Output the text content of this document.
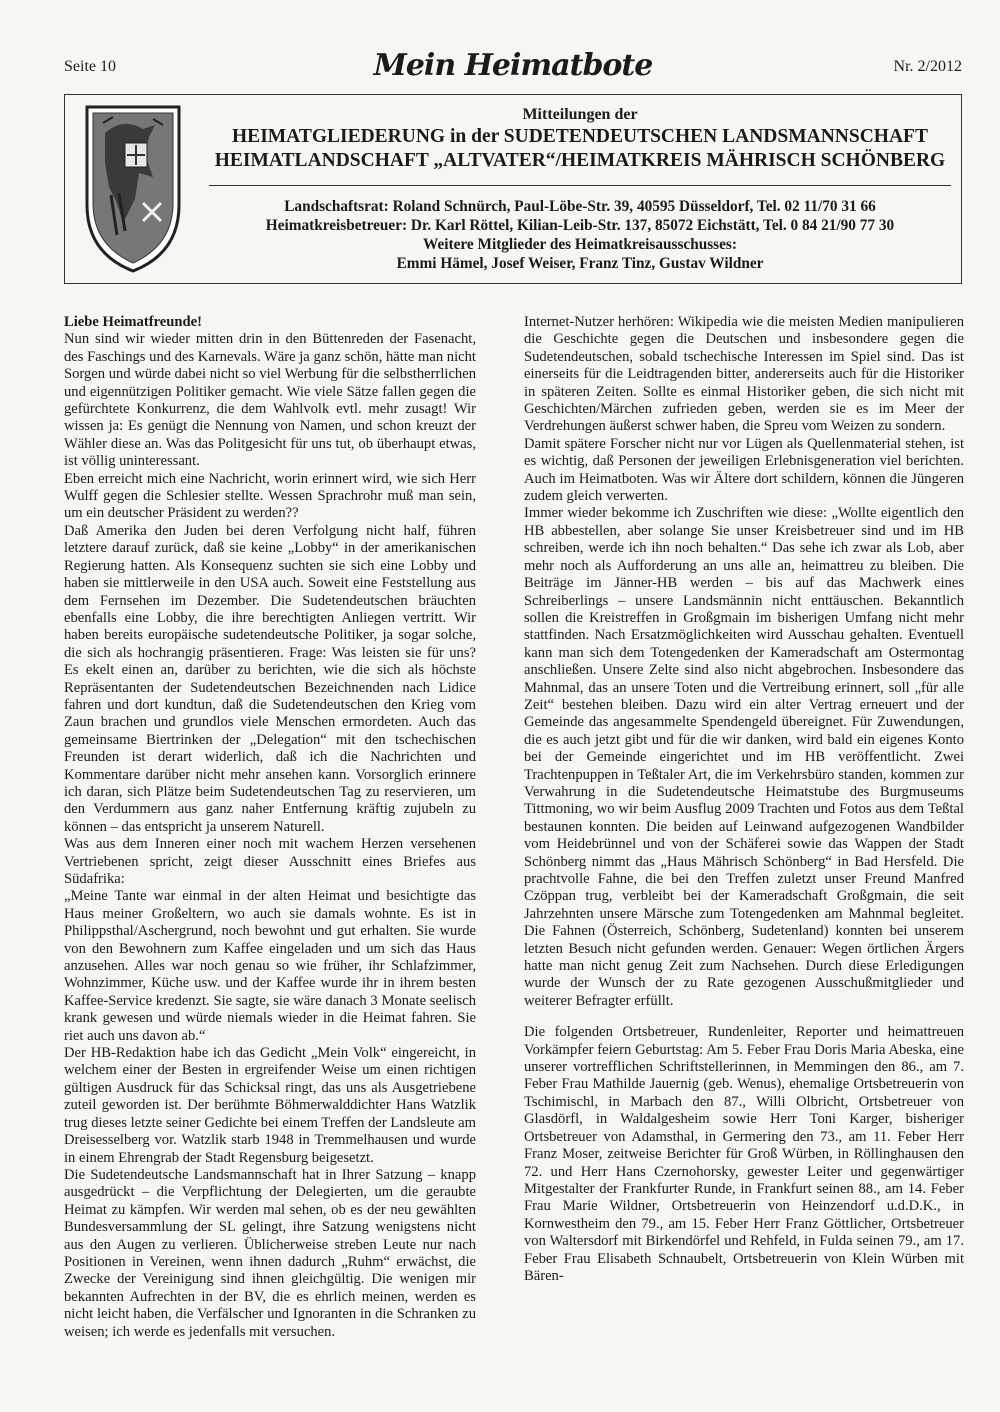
Seite 10	Mein Heimatbote	Nr. 2/2012
Mitteilungen der
HEIMATGLIEDERUNG in der SUDETENDEUTSCHEN LANDSMANNSCHAFT
HEIMATLANDSCHAFT „ALTVATER“/HEIMATKREIS MÄHRISCH SCHÖNBERG
Landschaftsrat: Roland Schnürch, Paul-Löbe-Str. 39, 40595 Düsseldorf, Tel. 02 11/70 31 66
Heimatkreisbetreuer: Dr. Karl Röttel, Kilian-Leib-Str. 137, 85072 Eichstätt, Tel. 0 84 21/90 77 30
Weitere Mitglieder des Heimatkreisausschusses:
Emmi Hämel, Josef Weiser, Franz Tinz, Gustav Wildner

Liebe Heimatfreunde!

Nun sind wir wieder mitten drin in den Büttenreden der Fasenacht, des Faschings und des Karnevals. Wäre ja ganz schön, hätte man nicht Sorgen und würde dabei nicht so viel Werbung für die selbstherrlichen und eigennützigen Politiker gemacht. Wie viele Sätze fallen gegen die gefürchtete Konkurrenz, die dem Wahlvolk evtl. mehr zusagt! Wir wissen ja: Es genügt die Nennung von Namen, und schon kreuzt der Wähler diese an. Was das Politgesicht für uns tut, ob überhaupt etwas, ist völlig uninteressant.

Eben erreicht mich eine Nachricht, worin erinnert wird, wie sich Herr Wulff gegen die Schlesier stellte. Wessen Sprachrohr muß man sein, um ein deutscher Präsident zu werden??

Daß Amerika den Juden bei deren Verfolgung nicht half, führen letztere darauf zurück, daß sie keine „Lobby“ in der amerikanischen Regierung hatten. Als Konsequenz suchten sie sich eine Lobby und haben sie mittlerweile in den USA auch. Soweit eine Feststellung aus dem Fernsehen im Dezember. Die Sudetendeutschen bräuchten ebenfalls eine Lobby, die ihre berechtigten Anliegen vertritt. Wir haben bereits europäische sudetendeutsche Politiker, ja sogar solche, die sich als hochrangig präsentieren. Frage: Was leisten sie für uns? Es ekelt einen an, darüber zu berichten, wie die sich als höchste Repräsentanten der Sudetendeutschen Bezeichnenden nach Lidice fahren und dort kundtun, daß die Sudetendeutschen den Krieg vom Zaun brachen und grundlos viele Menschen ermordeten. Auch das gemeinsame Biertrinken der „Delegation“ mit den tschechischen Freunden ist derart widerlich, daß ich die Nachrichten und Kommentare darüber nicht mehr ansehen kann. Vorsorglich erinnere ich daran, sich Plätze beim Sudetendeutschen Tag zu reservieren, um den Verdummern aus ganz naher Entfernung kräftig zujubeln zu können – das entspricht ja unserem Naturell.

Was aus dem Inneren einer noch mit wachem Herzen versehenen Vertriebenen spricht, zeigt dieser Ausschnitt eines Briefes aus Südafrika:

„Meine Tante war einmal in der alten Heimat und besichtigte das Haus meiner Großeltern, wo auch sie damals wohnte. Es ist in Philippsthal/Aschergrund, noch bewohnt und gut erhalten. Sie wurde von den Bewohnern zum Kaffee eingeladen und um sich das Haus anzusehen. Alles war noch genau so wie früher, ihr Schlafzimmer, Wohnzimmer, Küche usw. und der Kaffee wurde ihr in ihrem besten Kaffee-Service kredenzt. Sie sagte, sie wäre danach 3 Monate seelisch krank gewesen und würde niemals wieder in die Heimat fahren. Sie riet auch uns davon ab.“

Der HB-Redaktion habe ich das Gedicht „Mein Volk“ eingereicht, in welchem einer der Besten in ergreifender Weise um einen richtigen gültigen Ausdruck für das Schicksal ringt, das uns als Ausgetriebene zuteil geworden ist. Der berühmte Böhmerwalddichter Hans Watzlik trug dieses letzte seiner Gedichte bei einem Treffen der Landsleute am Dreisesselberg vor. Watzlik starb 1948 in Tremmelhausen und wurde in einem Ehrengrab der Stadt Regensburg beigesetzt.

Die Sudetendeutsche Landsmannschaft hat in Ihrer Satzung – knapp ausgedrückt – die Verpflichtung der Delegierten, um die geraubte Heimat zu kämpfen. Wir werden mal sehen, ob es der neu gewählten Bundesversammlung der SL gelingt, ihre Satzung wenigstens nicht aus den Augen zu verlieren. Üblicherweise streben Leute nur nach Positionen in Vereinen, wenn ihnen dadurch „Ruhm“ erwächst, die Zwecke der Vereinigung sind ihnen gleichgültig. Die wenigen mir bekannten Aufrechten in der BV, die es ehrlich meinen, werden es nicht leicht haben, die Verfälscher und Ignoranten in die Schranken zu weisen; ich werde es jedenfalls mit versuchen.

Internet-Nutzer herhören: Wikipedia wie die meisten Medien manipulieren die Geschichte gegen die Deutschen und insbesondere gegen die Sudetendeutschen, sobald tschechische Interessen im Spiel sind. Das ist einerseits für die Leidtragenden bitter, andererseits auch für die Historiker in späteren Zeiten. Sollte es einmal Historiker geben, die sich nicht mit Geschichten/Märchen zufrieden geben, werden sie es im Meer der Verdrehungen äußerst schwer haben, die Spreu vom Weizen zu sondern.

Damit spätere Forscher nicht nur vor Lügen als Quellenmaterial stehen, ist es wichtig, daß Personen der jeweiligen Erlebnisgeneration viel berichten. Auch im Heimatboten. Was wir Ältere dort schildern, können die Jüngeren zudem gleich verwerten.

Immer wieder bekomme ich Zuschriften wie diese: „Wollte eigentlich den HB abbestellen, aber solange Sie unser Kreisbetreuer sind und im HB schreiben, werde ich ihn noch behalten.“ Das sehe ich zwar als Lob, aber mehr noch als Aufforderung an uns alle an, heimattreu zu bleiben. Die Beiträge im Jänner-HB werden – bis auf das Machwerk eines Schreiberlings – unsere Landsmännin nicht enttäuschen. Bekanntlich sollen die Kreistreffen in Großgmain im bisherigen Umfang nicht mehr stattfinden. Nach Ersatzmöglichkeiten wird Ausschau gehalten. Eventuell kann man sich dem Totengedenken der Kameradschaft am Ostermontag anschließen. Unsere Zelte sind also nicht abgebrochen. Insbesondere das Mahnmal, das an unsere Toten und die Vertreibung erinnert, soll „für alle Zeit“ bestehen bleiben. Dazu wird ein alter Vertrag erneuert und der Gemeinde das angesammelte Spendengeld übereignet. Für Zuwendungen, die es auch jetzt gibt und für die wir danken, wird bald ein eigenes Konto bei der Gemeinde eingerichtet und im HB veröffentlicht. Zwei Trachtenpuppen in Teßtaler Art, die im Verkehrsbüro standen, kommen zur Verwahrung in die Sudetendeutsche Heimatstube des Burgmuseums Tittmoning, wo wir beim Ausflug 2009 Trachten und Fotos aus dem Teßtal bestaunen konnten. Die beiden auf Leinwand aufgezogenen Wandbilder vom Heidebrünnel und von der Schäferei sowie das Wappen der Stadt Schönberg nimmt das „Haus Mährisch Schönberg“ in Bad Hersfeld. Die prachtvolle Fahne, die bei den Treffen zuletzt unser Freund Manfred Czöppan trug, verbleibt bei der Kameradschaft Großgmain, die seit Jahrzehnten unsere Märsche zum Totengedenken am Mahnmal begleitet. Die Fahnen (Österreich, Schönberg, Sudetenland) konnten bei unserem letzten Besuch nicht gefunden werden. Genauer: Wegen örtlichen Ärgers hatte man nicht genug Zeit zum Nachsehen. Durch diese Erledigungen wurde der Wunsch der zu Rate gezogenen Ausschußmitglieder und weiterer Befragter erfüllt.

Die folgenden Ortsbetreuer, Rundenleiter, Reporter und heimattreuen Vorkämpfer feiern Geburtstag: Am 5. Feber Frau Doris Maria Abeska, eine unserer vortrefflichen Schriftstellerinnen, in Memmingen den 86., am 7. Feber Frau Mathilde Jauernig (geb. Wenus), ehemalige Ortsbetreuerin von Tschimischl, in Marbach den 87., Willi Olbricht, Ortsbetreuer von Glasdörfl, in Waldalgesheim sowie Herr Toni Karger, bisheriger Ortsbetreuer von Adamsthal, in Germering den 73., am 11. Feber Herr Franz Moser, zeitweise Berichter für Groß Würben, in Röllinghausen den 72. und Herr Hans Czernohorsky, gewester Leiter und gegenwärtiger Mitgestalter der Frankfurter Runde, in Frankfurt seinen 88., am 14. Feber Frau Marie Wildner, Ortsbetreuerin von Heinzendorf u.d.D.K., in Kornwestheim den 79., am 15. Feber Herr Franz Göttlicher, Ortsbetreuer von Waltersdorf mit Birkendörfel und Rehfeld, in Fulda seinen 79., am 17. Feber Frau Elisabeth Schnaubelt, Ortsbetreuerin von Klein Würben mit Bären-
